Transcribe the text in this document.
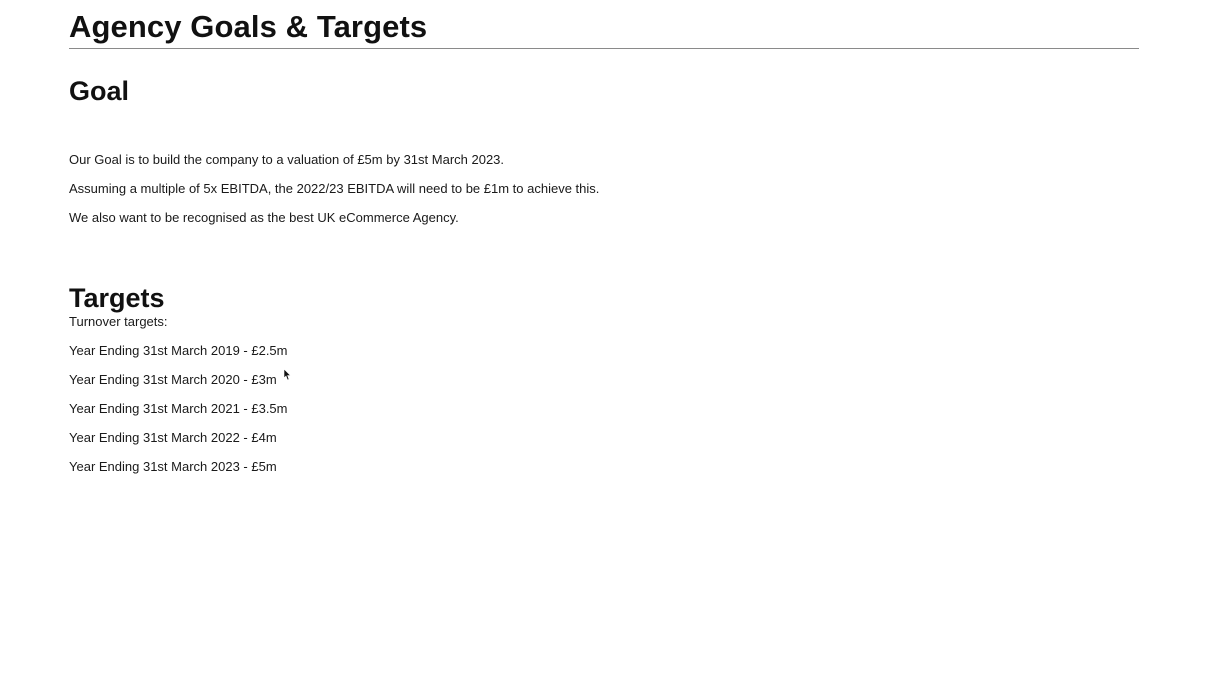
Agency Goals & Targets
Goal

Our Goal is to build the company to a valuation of £5m by 31st March 2023.

Assuming a multiple of 5x EBITDA, the 2022/23 EBITDA will need to be £1m to achieve this.

We also want to be recognised as the best UK eCommerce Agency.

Targets

Turnover targets:

Year Ending 31st March 2019 - £2.5m

Year Ending 31st March 2020 - £3m

Year Ending 31st March 2021 - £3.5m

Year Ending 31st March 2022 - £4m

Year Ending 31st March 2023 - £5m
